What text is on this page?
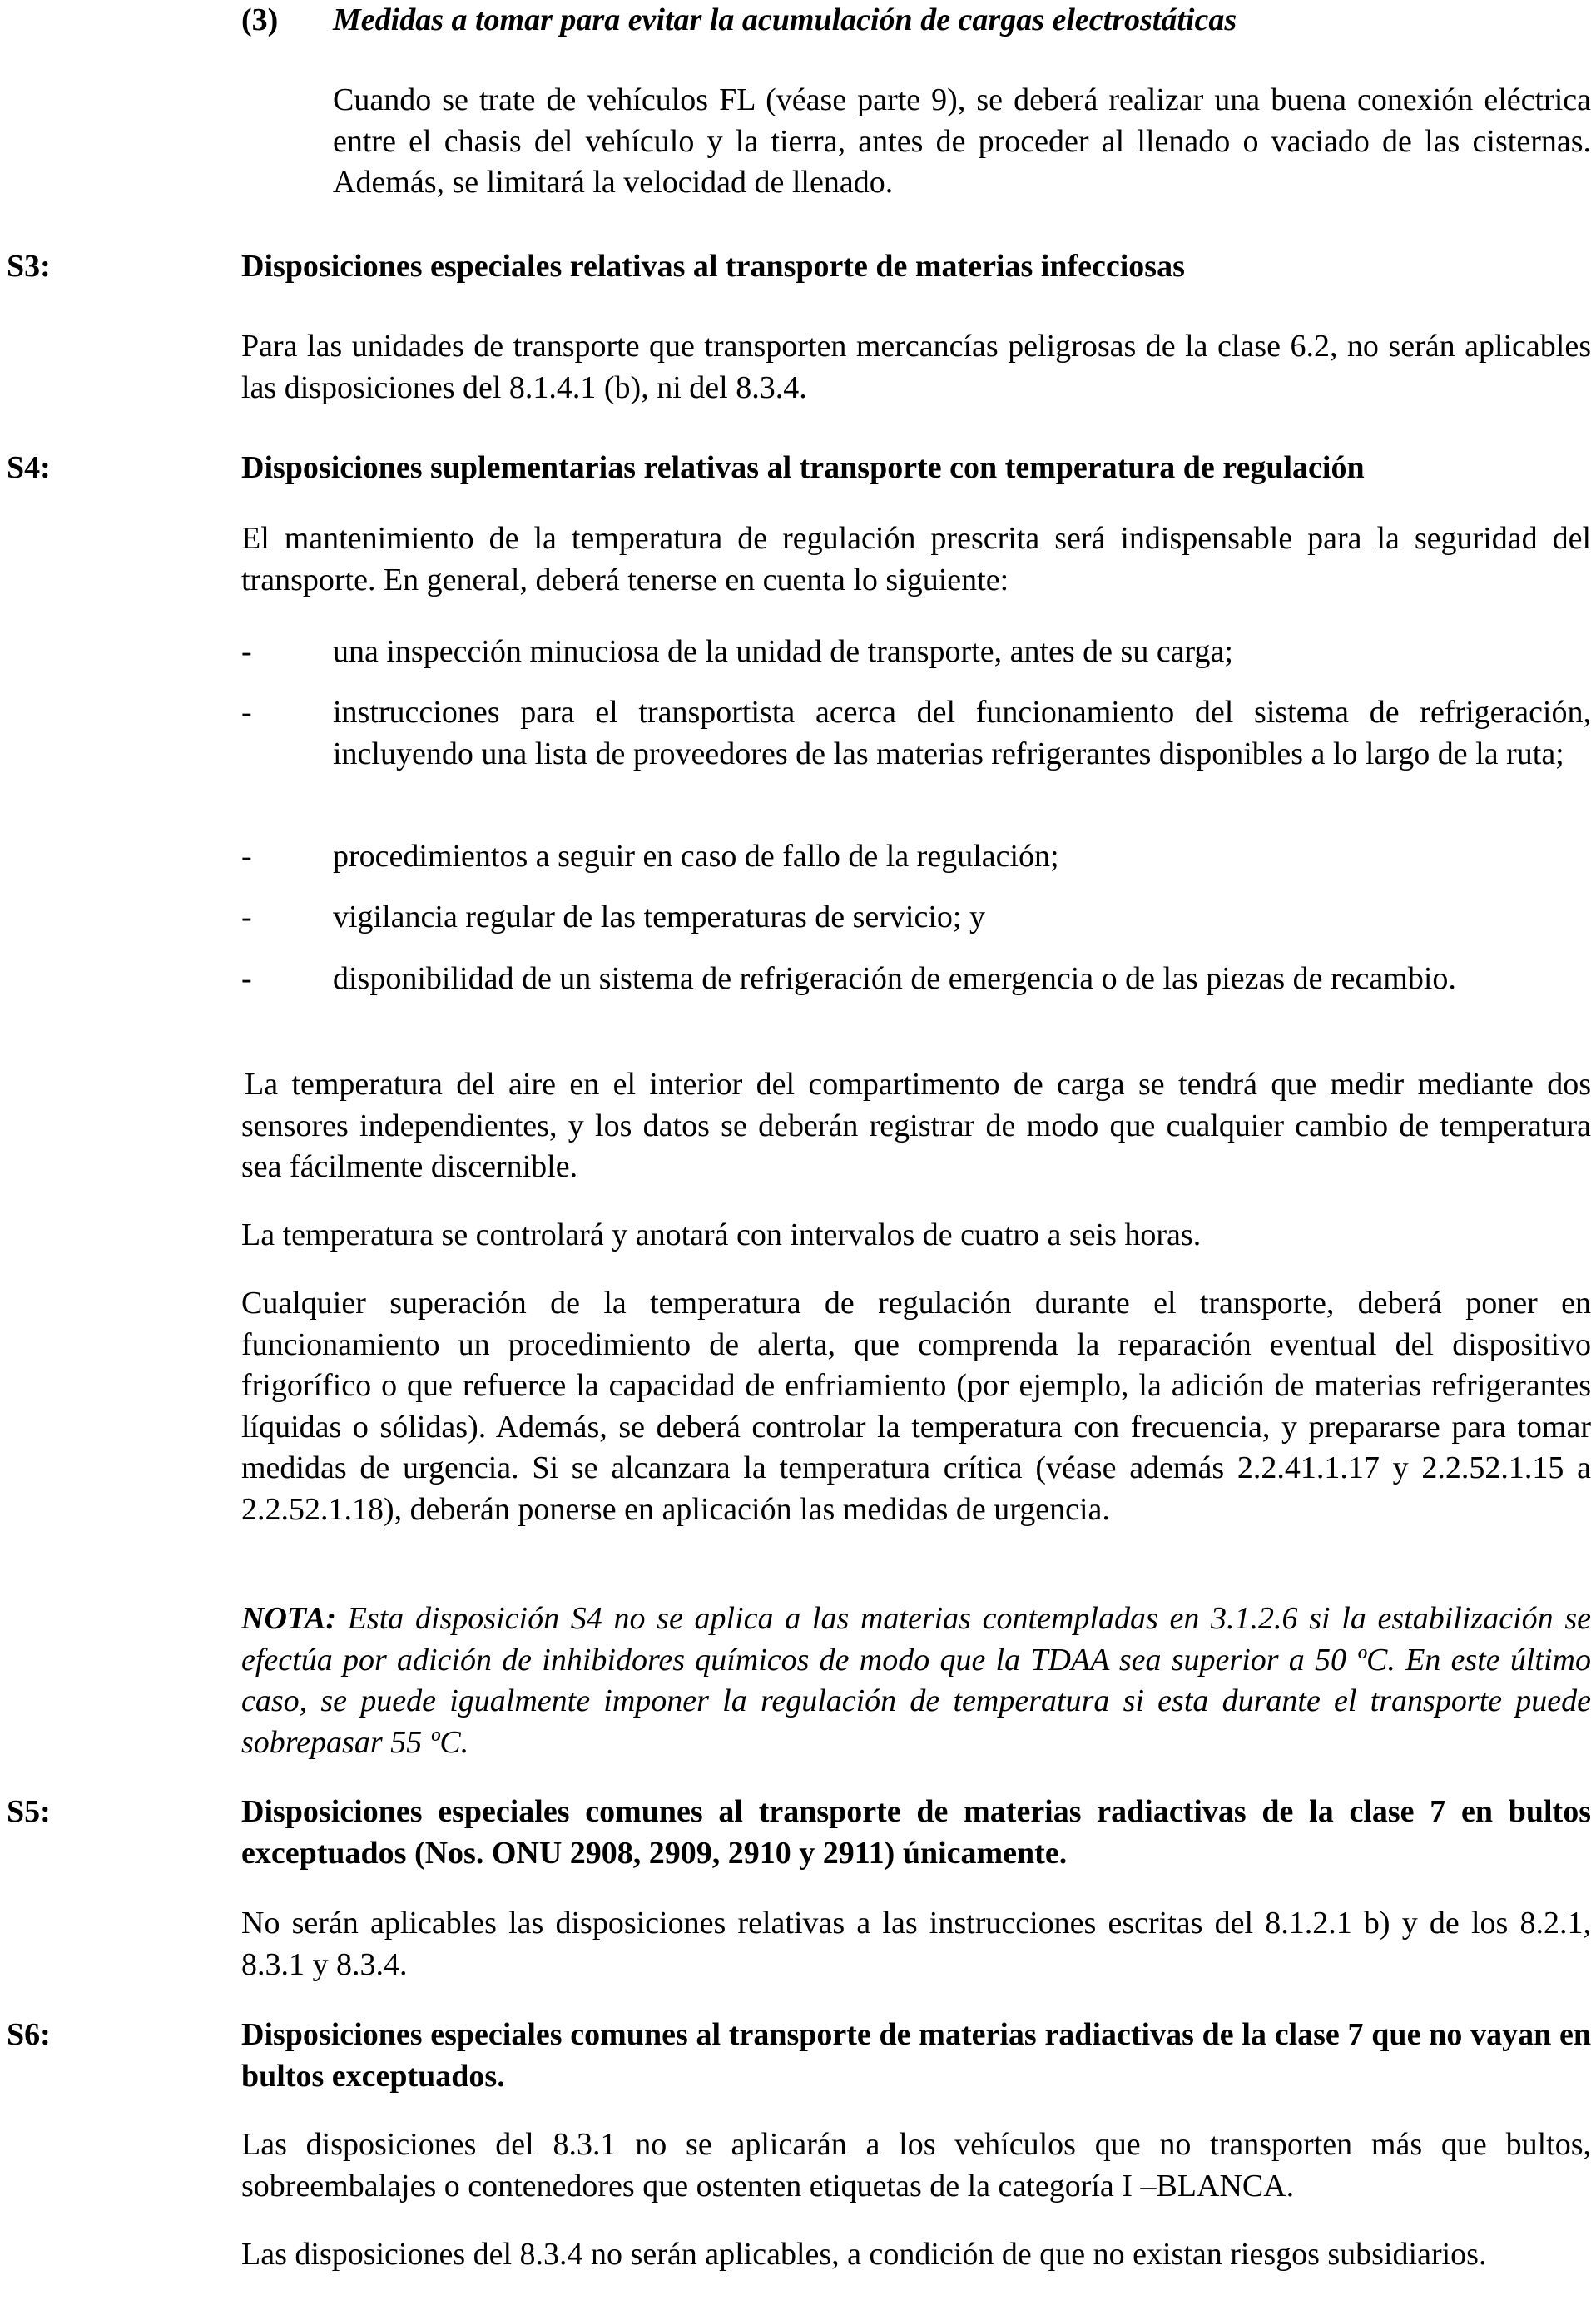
(3) Medidas a tomar para evitar la acumulación de cargas electrostáticas

Cuando se trate de vehículos FL (véase parte 9), se deberá realizar una buena conexión eléctrica entre el chasis del vehículo y la tierra, antes de proceder al llenado o vaciado de las cisternas. Además, se limitará la velocidad de llenado.

S3:	Disposiciones especiales relativas al transporte de materias infecciosas

Para las unidades de transporte que transporten mercancías peligrosas de la clase 6.2, no serán aplicables las disposiciones del 8.1.4.1 (b), ni del 8.3.4.

S4:	Disposiciones suplementarias relativas al transporte con temperatura de regulación

El mantenimiento de la temperatura de regulación prescrita será indispensable para la seguridad del transporte. En general, deberá tenerse en cuenta lo siguiente:

-	una inspección minuciosa de la unidad de transporte, antes de su carga;
-	instrucciones para el transportista acerca del funcionamiento del sistema de refrigeración, incluyendo una lista de proveedores de las materias refrigerantes disponibles a lo largo de la ruta;
-	procedimientos a seguir en caso de fallo de la regulación;
-	vigilancia regular de las temperaturas de servicio; y
-	disponibilidad de un sistema de refrigeración de emergencia o de las piezas de recambio.

La temperatura del aire en el interior del compartimento de carga se tendrá que medir mediante dos sensores independientes, y los datos se deberán registrar de modo que cualquier cambio de temperatura sea fácilmente discernible.

La temperatura se controlará y anotará con intervalos de cuatro a seis horas.

Cualquier superación de la temperatura de regulación durante el transporte, deberá poner en funcionamiento un procedimiento de alerta, que comprenda la reparación eventual del dispositivo frigorífico o que refuerce la capacidad de enfriamiento (por ejemplo, la adición de materias refrigerantes líquidas o sólidas). Además, se deberá controlar la temperatura con frecuencia, y prepararse para tomar medidas de urgencia. Si se alcanzara la temperatura crítica (véase además 2.2.41.1.17 y 2.2.52.1.15 a 2.2.52.1.18), deberán ponerse en aplicación las medidas de urgencia.

NOTA: Esta disposición S4 no se aplica a las materias contempladas en 3.1.2.6 si la estabilización se efectúa por adición de inhibidores químicos de modo que la TDAA sea superior a 50 ºC. En este último caso, se puede igualmente imponer la regulación de temperatura si esta durante el transporte puede sobrepasar 55 ºC.

S5:	Disposiciones especiales comunes al transporte de materias radiactivas de la clase 7 en bultos exceptuados (Nos. ONU 2908, 2909, 2910 y 2911) únicamente.

No serán aplicables las disposiciones relativas a las instrucciones escritas del 8.1.2.1 b) y de los 8.2.1, 8.3.1 y 8.3.4.

S6:	Disposiciones especiales comunes al transporte de materias radiactivas de la clase 7 que no vayan en bultos exceptuados.

Las disposiciones del 8.3.1 no se aplicarán a los vehículos que no transporten más que bultos, sobreembalajes o contenedores que ostenten etiquetas de la categoría I –BLANCA.

Las disposiciones del 8.3.4 no serán aplicables, a condición de que no existan riesgos subsidiarios.
